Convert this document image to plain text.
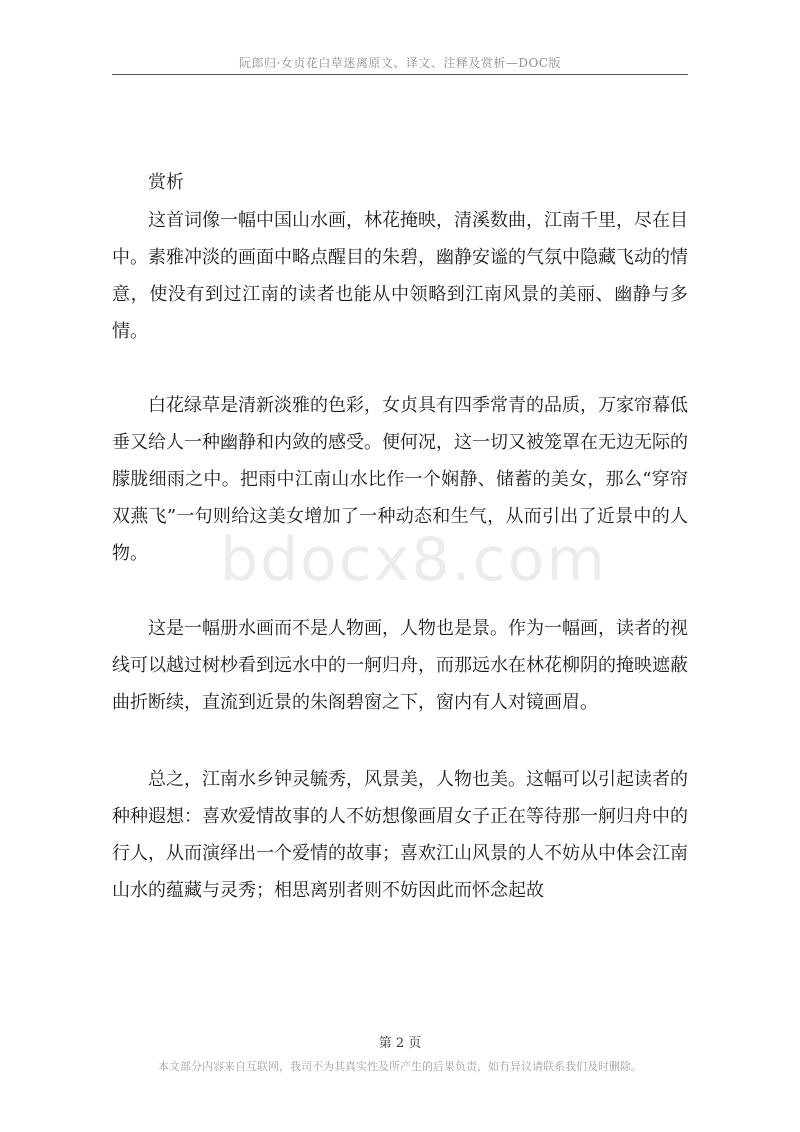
阮郎归·女贞花白草迷离原文、译文、注释及赏析—DOC版
bdocx8.com
赏析

这首词像一幅中国山水画，林花掩映，清溪数曲，江南千里，尽在目中。素雅冲淡的画面中略点醒目的朱碧，幽静安谧的气氛中隐藏飞动的情意，使没有到过江南的读者也能从中领略到江南风景的美丽、幽静与多情。

白花绿草是清新淡雅的色彩，女贞具有四季常青的品质，万家帘幕低垂又给人一种幽静和内敛的感受。便何况，这一切又被笼罩在无边无际的朦胧细雨之中。把雨中江南山水比作一个娴静、储蓄的美女，那么“穿帘双燕飞”一句则给这美女增加了一种动态和生气，从而引出了近景中的人物。

这是一幅册水画而不是人物画，人物也是景。作为一幅画，读者的视线可以越过树杪看到远水中的一舸归舟，而那远水在林花柳阴的掩映遮蔽曲折断续，直流到近景的朱阁碧窗之下，窗内有人对镜画眉。

总之，江南水乡钟灵毓秀，风景美，人物也美。这幅可以引起读者的种种遐想：喜欢爱情故事的人不妨想像画眉女子正在等待那一舸归舟中的行人，从而演绎出一个爱情的故事；喜欢江山风景的人不妨从中体会江南山水的蕴藏与灵秀；相思离别者则不妨因此而怀念起故

第 2 页
本文部分内容来自互联网，我司不为其真实性及所产生的后果负责，如有异议请联系我们及时删除。
